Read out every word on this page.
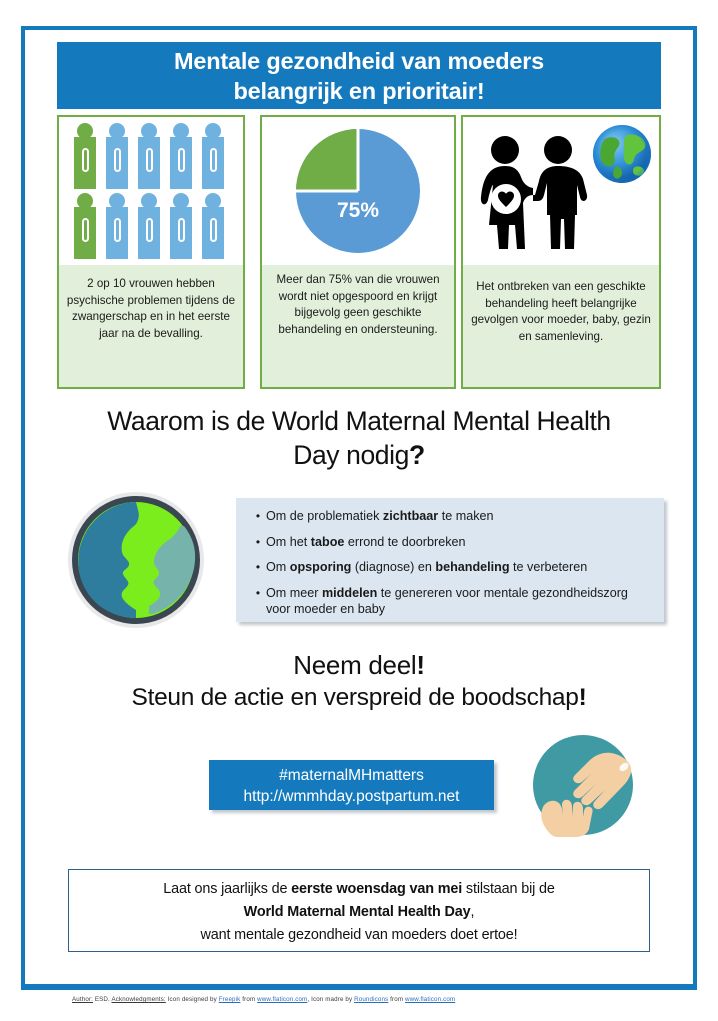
Mentale gezondheid van moeders
belangrijk en prioritair!
2 op 10 vrouwen hebben psychische problemen tijdens de zwangerschap en in het eerste jaar na de bevalling.
75%
Meer dan 75% van die vrouwen wordt niet opgespoord en krijgt bijgevolg geen geschikte behandeling en ondersteuning.
Het ontbreken van een geschikte behandeling heeft belangrijke gevolgen voor moeder, baby, gezin en samenleving.
Waarom is de World Maternal Mental Health
Day nodig?
• Om de problematiek zichtbaar te maken
• Om het taboe errond te doorbreken
• Om opsporing (diagnose) en behandeling te verbeteren
• Om meer middelen te genereren voor mentale gezondheidszorg voor moeder en baby
Neem deel!
Steun de actie en verspreid de boodschap!
#maternalMHmatters
http://wmmhday.postpartum.net
Laat ons jaarlijks de eerste woensdag van mei stilstaan bij de
World Maternal Mental Health Day,
want mentale gezondheid van moeders doet ertoe!
Author: ESD. Acknowledgments: Icon designed by Freepik from www.flaticon.com, Icon madre by Roundicons from www.flaticon.com
